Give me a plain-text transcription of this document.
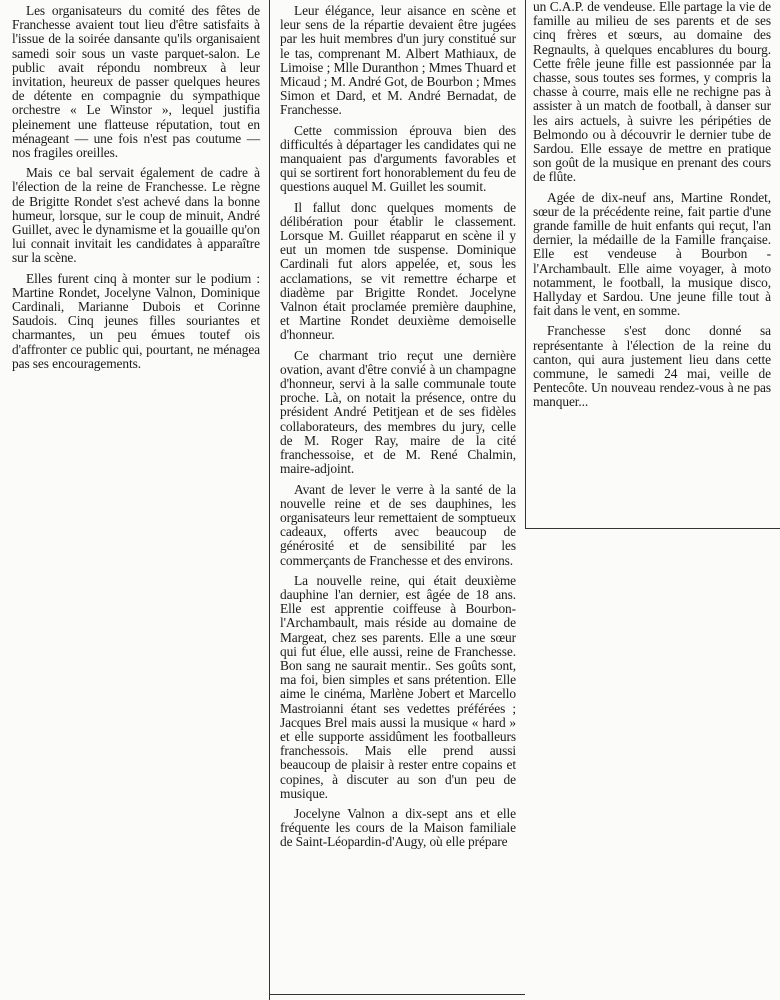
Les organisateurs du comité des fêtes de Franchesse avaient tout lieu d'être satisfaits à l'issue de la soirée dansante qu'ils organisaient samedi soir sous un vaste parquet-salon. Le public avait répondu nombreux à leur invitation, heureux de passer quelques heures de détente en compagnie du sympathique orchestre « Le Winstor », lequel justifia pleinement une flatteuse réputation, tout en ménageant — une fois n'est pas coutume — nos fragiles oreilles.

Mais ce bal servait également de cadre à l'élection de la reine de Franchesse. Le règne de Brigitte Rondet s'est achevé dans la bonne humeur, lorsque, sur le coup de minuit, André Guillet, avec le dynamisme et la gouaille qu'on lui connait invitait les candidates à apparaître sur la scène.

Elles furent cinq à monter sur le podium : Martine Rondet, Jocelyne Valnon, Dominique Cardinali, Marianne Dubois et Corinne Saudois. Cinq jeunes filles souriantes et charmantes, un peu émues toutef ois d'affronter ce public qui, pourtant, ne ménagea pas ses encouragements.

Leur élégance, leur aisance en scène et leur sens de la répartie devaient être jugées par les huit membres d'un jury constitué sur le tas, comprenant M. Albert Mathiaux, de Limoise ; Mlle Duranthon ; Mmes Thuard et Micaud ; M. André Got, de Bourbon ; Mmes Simon et Dard, et M. André Bernadat, de Franchesse.

Cette commission éprouva bien des difficultés à départager les candidates qui ne manquaient pas d'arguments favorables et qui se sortirent fort honorablement du feu de questions auquel M. Guillet les soumit.

Il fallut donc quelques moments de délibération pour établir le classement. Lorsque M. Guillet réapparut en scène il y eut un momen tde suspense. Dominique Cardinali fut alors appelée, et, sous les acclamations, se vit remettre écharpe et diadème par Brigitte Rondet. Jocelyne Valnon était proclamée première dauphine, et Martine Rondet deuxième demoiselle d'honneur.

Ce charmant trio reçut une dernière ovation, avant d'être convié à un champagne d'honneur, servi à la salle communale toute proche. Là, on notait la présence, ontre du président André Petitjean et de ses fidèles collaborateurs, des membres du jury, celle de M. Roger Ray, maire de la cité franchessoise, et de M. René Chalmin, maire-adjoint.

Avant de lever le verre à la santé de la nouvelle reine et de ses dauphines, les organisateurs leur remettaient de somptueux cadeaux, offerts avec beaucoup de générosité et de sensibilité par les commerçants de Franchesse et des environs.

La nouvelle reine, qui était deuxième dauphine l'an dernier, est âgée de 18 ans. Elle est apprentie coiffeuse à Bourbon-l'Archambault, mais réside au domaine de Margeat, chez ses parents. Elle a une sœur qui fut élue, elle aussi, reine de Franchesse. Bon sang ne saurait mentir.. Ses goûts sont, ma foi, bien simples et sans prétention. Elle aime le cinéma, Marlène Jobert et Marcello Mastroianni étant ses vedettes préférées ; Jacques Brel mais aussi la musique « hard » et elle supporte assidûment les footballeurs franchessois. Mais elle prend aussi beaucoup de plaisir à rester entre copains et copines, à discuter au son d'un peu de musique.

Jocelyne Valnon a dix-sept ans et elle fréquente les cours de la Maison familiale de Saint-Léopardin-d'Augy, où elle prépare

un C.A.P. de vendeuse. Elle partage la vie de famille au milieu de ses parents et de ses cinq frères et sœurs, au domaine des Regnaults, à quelques encablures du bourg. Cette frêle jeune fille est passionnée par la chasse, sous toutes ses formes, y compris la chasse à courre, mais elle ne rechigne pas à assister à un match de football, à danser sur les airs actuels, à suivre les péripéties de Belmondo ou à découvrir le dernier tube de Sardou. Elle essaye de mettre en pratique son goût de la musique en prenant des cours de flûte.

Agée de dix-neuf ans, Martine Rondet, sœur de la précédente reine, fait partie d'une grande famille de huit enfants qui reçut, l'an dernier, la médaille de la Famille française. Elle est vendeuse à Bourbon - l'Archambault. Elle aime voyager, à moto notamment, le football, la musique disco, Hallyday et Sardou. Une jeune fille tout à fait dans le vent, en somme.

Franchesse s'est donc donné sa représentante à l'élection de la reine du canton, qui aura justement lieu dans cette commune, le samedi 24 mai, veille de Pentecôte. Un nouveau rendez-vous à ne pas manquer...
